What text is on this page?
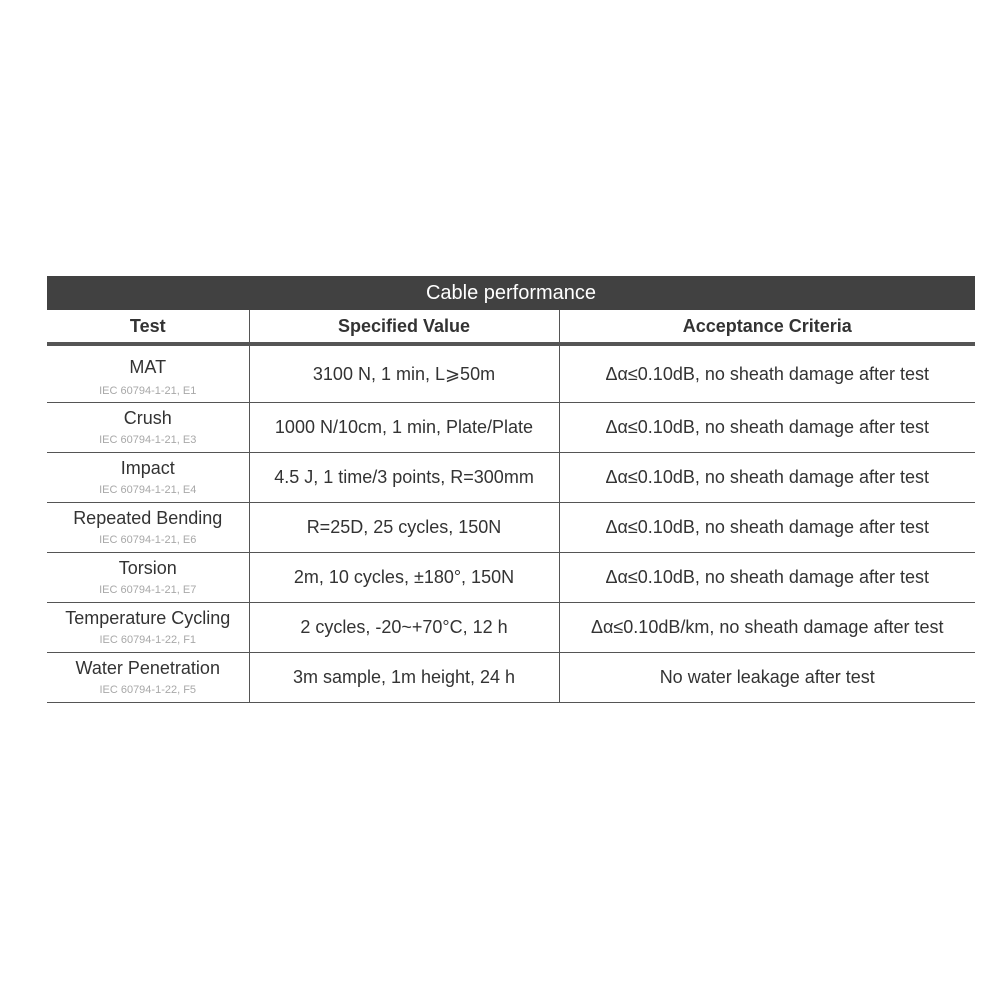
Cable performance
Test	Specified Value	Acceptance Criteria

MAT
IEC 60794-1-21, E1	3100 N, 1 min, L⩾50m	Δα≤0.10dB, no sheath damage after test

Crush
IEC 60794-1-21, E3	1000 N/10cm, 1 min, Plate/Plate	Δα≤0.10dB, no sheath damage after test

Impact
IEC 60794-1-21, E4	4.5 J, 1 time/3 points, R=300mm	Δα≤0.10dB, no sheath damage after test

Repeated Bending
IEC 60794-1-21, E6	R=25D, 25 cycles, 150N	Δα≤0.10dB, no sheath damage after test

Torsion
IEC 60794-1-21, E7	2m, 10 cycles, ±180°, 150N	Δα≤0.10dB, no sheath damage after test

Temperature Cycling
IEC 60794-1-22, F1	2 cycles, -20~+70°C, 12 h	Δα≤0.10dB/km, no sheath damage after test

Water Penetration
IEC 60794-1-22, F5	3m sample, 1m height, 24 h	No water leakage after test
